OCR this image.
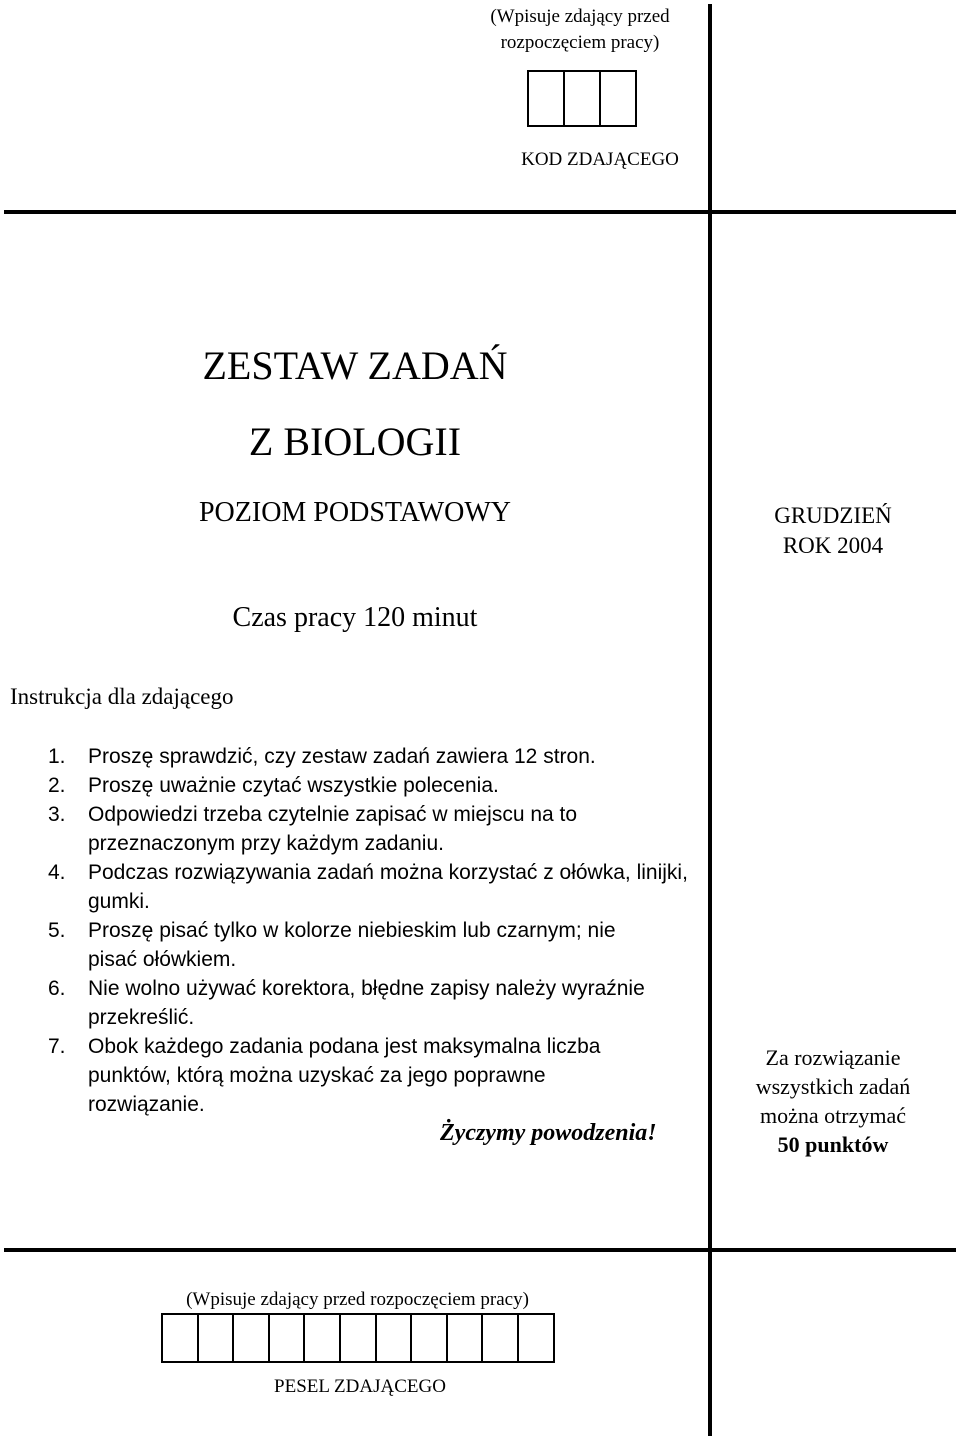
(Wpisuje zdający przed rozpoczęciem pracy)
KOD ZDAJĄCEGO
ZESTAW ZADAŃ
Z BIOLOGII
POZIOM PODSTAWOWY	GRUDZIEŃ
ROK 2004
Czas pracy 120 minut
Instrukcja dla zdającego
1.	Proszę sprawdzić, czy zestaw zadań zawiera 12 stron.
2.	Proszę uważnie czytać wszystkie polecenia.
3.	Odpowiedzi trzeba czytelnie zapisać w miejscu na to przeznaczonym przy każdym zadaniu.
4.	Podczas rozwiązywania zadań można korzystać z ołówka, linijki, gumki.
5.	Proszę pisać tylko w kolorze niebieskim lub czarnym; nie pisać ołówkiem.
6.	Nie wolno używać korektora, błędne zapisy należy wyraźnie przekreślić.
7.	Obok każdego zadania podana jest maksymalna liczba punktów, którą można uzyskać za jego poprawne rozwiązanie.
Życzymy powodzenia!
Za rozwiązanie
wszystkich zadań
można otrzymać
50 punktów
(Wpisuje zdający przed rozpoczęciem pracy)
PESEL ZDAJĄCEGO
